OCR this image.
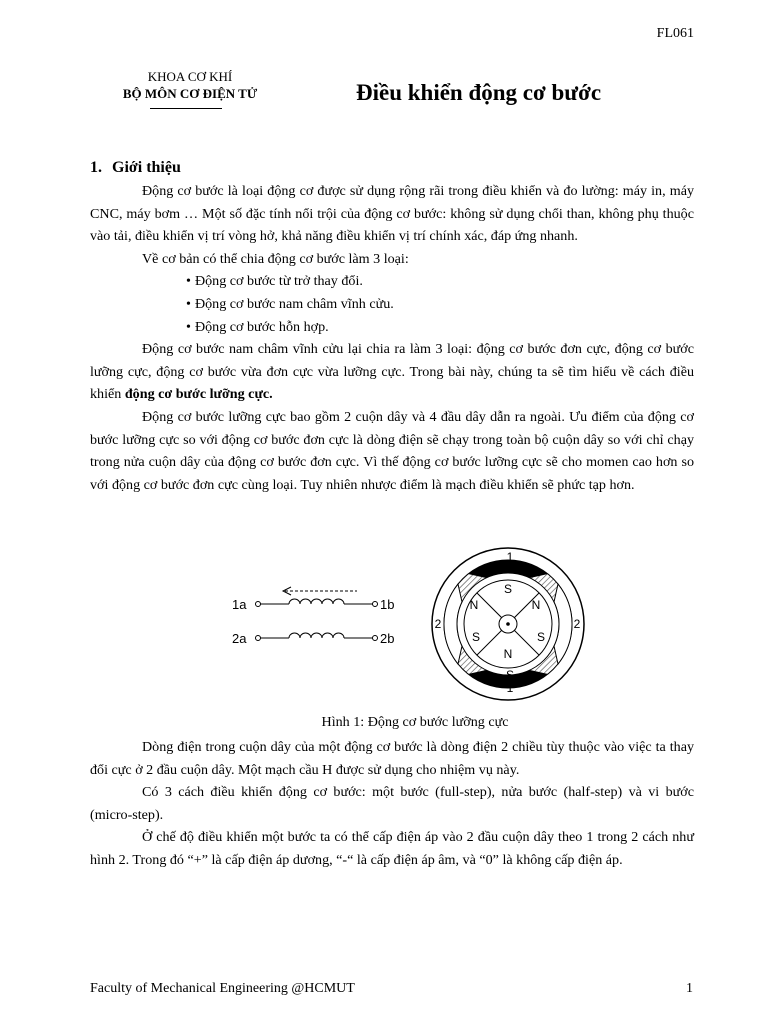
FL061
KHOA CƠ KHÍ
BỘ MÔN CƠ ĐIỆN TỬ	Điều khiển động cơ bước
1. Giới thiệu

Động cơ bước là loại động cơ được sử dụng rộng rãi trong điều khiển và đo lường: máy in, máy CNC, máy bơm … Một số đặc tính nổi trội của động cơ bước: không sử dụng chổi than, không phụ thuộc vào tải, điều khiển vị trí vòng hở, khả năng điều khiển vị trí chính xác, đáp ứng nhanh.

Về cơ bản có thể chia động cơ bước làm 3 loại:

• Động cơ bước từ trở thay đổi.
• Động cơ bước nam châm vĩnh cửu.
• Động cơ bước hỗn hợp.

Động cơ bước nam châm vĩnh cửu lại chia ra làm 3 loại: động cơ bước đơn cực, động cơ bước lưỡng cực, động cơ bước vừa đơn cực vừa lưỡng cực. Trong bài này, chúng ta sẽ tìm hiểu về cách điều khiển động cơ bước lưỡng cực.

Động cơ bước lưỡng cực bao gồm 2 cuộn dây và 4 đầu dây dẫn ra ngoài. Ưu điểm của động cơ bước lưỡng cực so với động cơ bước đơn cực là dòng điện sẽ chạy trong toàn bộ cuộn dây so với chỉ chạy trong nửa cuộn dây của động cơ bước đơn cực. Vì thế động cơ bước lưỡng cực sẽ cho momen cao hơn so với động cơ bước đơn cực cùng loại. Tuy nhiên nhược điểm là mạch điều khiển sẽ phức tạp hơn.

1a	1b
2a	2b
1
N
S
N
S
1
2	2
N
S
N
S
Hình 1: Động cơ bước lưỡng cực

Dòng điện trong cuộn dây của một động cơ bước là dòng điện 2 chiều tùy thuộc vào việc ta thay đổi cực ở 2 đầu cuộn dây. Một mạch cầu H được sử dụng cho nhiệm vụ này.

Có 3 cách điều khiển động cơ bước: một bước (full-step), nửa bước (half-step) và vi bước (micro-step).

Ở chế độ điều khiển một bước ta có thể cấp điện áp vào 2 đầu cuộn dây theo 1 trong 2 cách như hình 2. Trong đó “+” là cấp điện áp dương, “-“ là cấp điện áp âm, và “0” là không cấp điện áp.

Faculty of Mechanical Engineering @HCMUT	1
